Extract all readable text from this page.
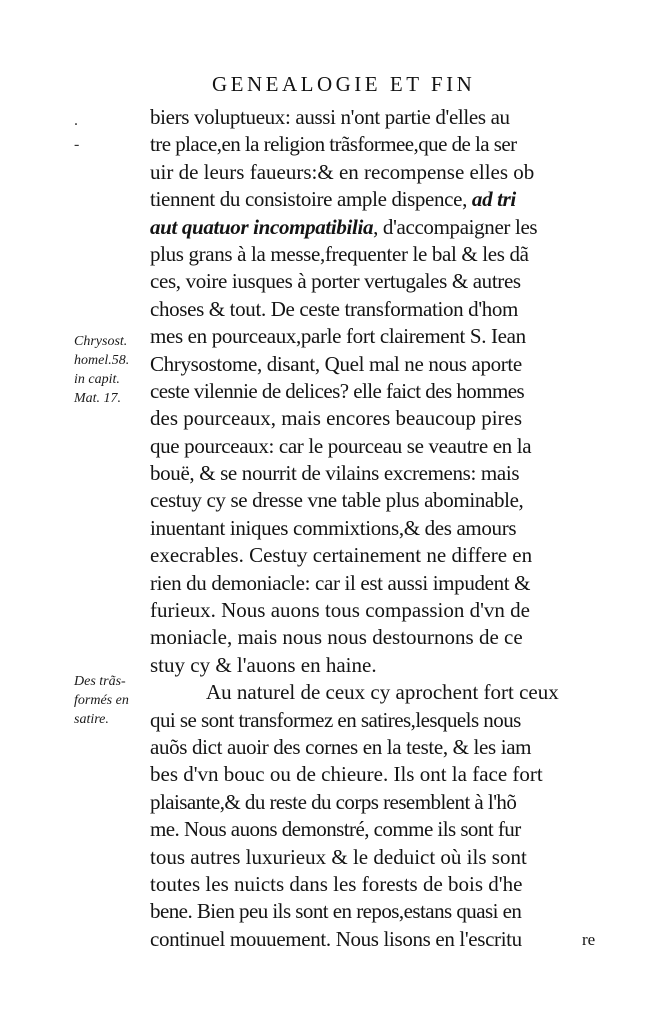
GENEALOGIE ET FIN
.
-
biers voluptueux: aussi n'ont partie d'elles au
tre place,en la religion trãsformee,que de la ser
uir de leurs faueurs:& en recompense elles ob
tiennent du consistoire ample dispence, ad tri
aut quatuor incompatibilia, d'accompaigner les
plus grans à la messe,frequenter le bal & les dã
ces, voire iusques à porter vertugales & autres
choses & tout. De ceste transformation d'hom
mes en pourceaux,parle fort clairement S. Iean
Chrysostome, disant, Quel mal ne nous aporte
ceste vilennie de delices? elle faict des hommes
des pourceaux, mais encores beaucoup pires
que pourceaux: car le pourceau se veautre en la
bouë, & se nourrit de vilains excremens: mais
cestuy cy se dresse vne table plus abominable,
inuentant iniques commixtions,& des amours
execrables. Cestuy certainement ne differe en
rien du demoniacle: car il est aussi impudent &
furieux. Nous auons tous compassion d'vn de
moniacle, mais nous nous destournons de ce
stuy cy & l'auons en haine.
Au naturel de ceux cy aprochent fort ceux
qui se sont transformez en satires,lesquels nous
auõs dict auoir des cornes en la teste, & les iam
bes d'vn bouc ou de chieure. Ils ont la face fort
plaisante,& du reste du corps resemblent à l'hõ
me. Nous auons demonstré, comme ils sont fur
tous autres luxurieux & le deduict où ils sont
toutes les nuicts dans les forests de bois d'he
bene. Bien peu ils sont en repos,estans quasi en
continuel mouuement. Nous lisons en l'escritu
Chrysost.
homel.58.
in capit.
Mat. 17.
Des trãs-
formés en
satire.
re
